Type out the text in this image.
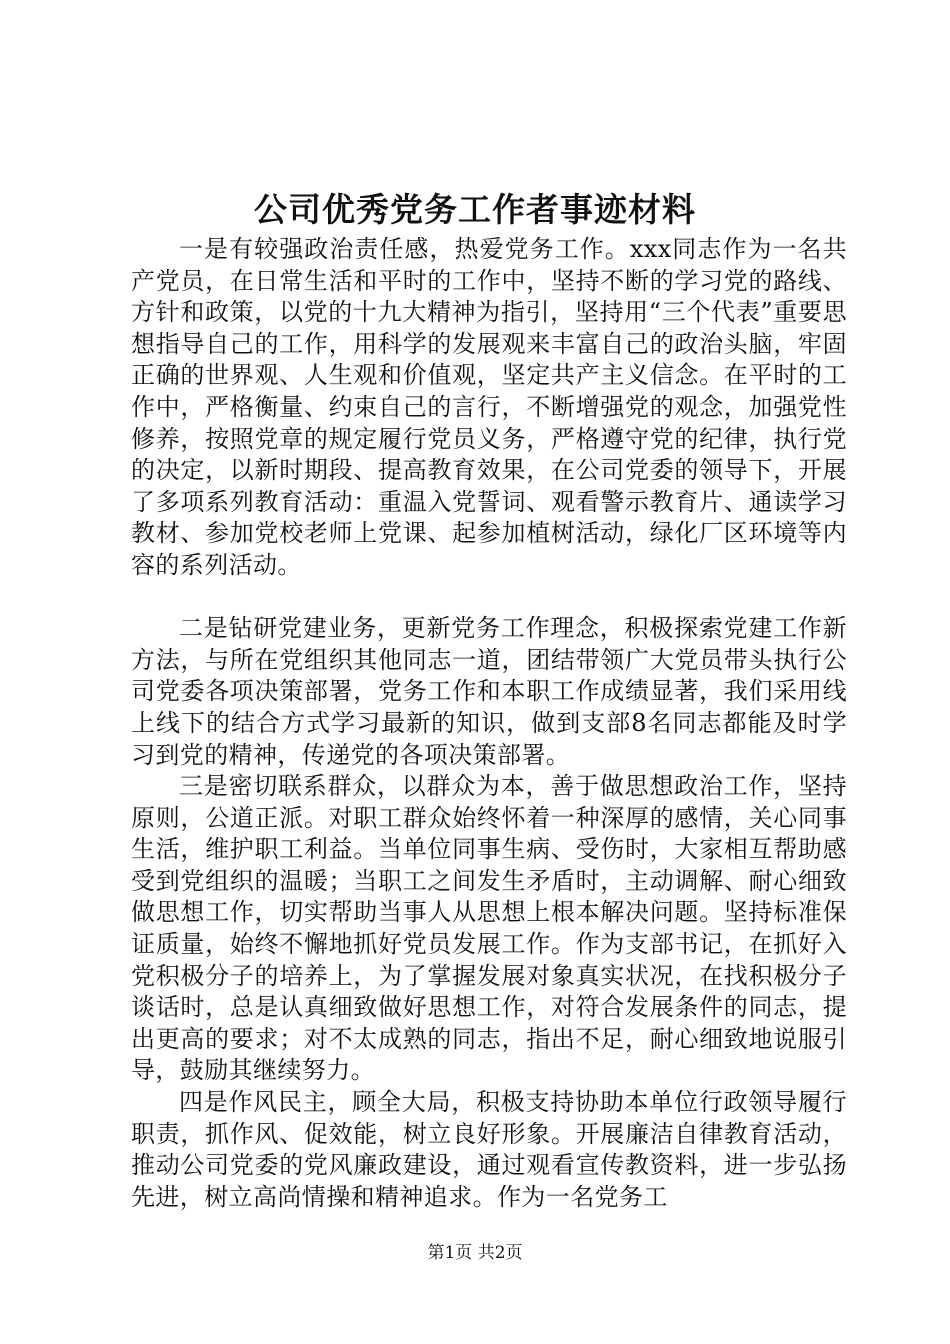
公司优秀党务工作者事迹材料

一是有较强政治责任感，热爱党务工作。xxx同志作为一名共产党员，在日常生活和平时的工作中，坚持不断的学习党的路线、方针和政策，以党的十九大精神为指引，坚持用“三个代表”重要思想指导自己的工作，用科学的发展观来丰富自己的政治头脑，牢固正确的世界观、人生观和价值观，坚定共产主义信念。在平时的工作中，严格衡量、约束自己的言行，不断增强党的观念，加强党性修养，按照党章的规定履行党员义务，严格遵守党的纪律，执行党的决定，以新时期段、提高教育效果，在公司党委的领导下，开展了多项系列教育活动：重温入党誓词、观看警示教育片、通读学习教材、参加党校老师上党课、起参加植树活动，绿化厂区环境等内容的系列活动。

二是钻研党建业务，更新党务工作理念，积极探索党建工作新方法，与所在党组织其他同志一道，团结带领广大党员带头执行公司党委各项决策部署，党务工作和本职工作成绩显著，我们采用线上线下的结合方式学习最新的知识，做到支部8名同志都能及时学习到党的精神，传递党的各项决策部署。

三是密切联系群众，以群众为本，善于做思想政治工作，坚持原则，公道正派。对职工群众始终怀着一种深厚的感情，关心同事生活，维护职工利益。当单位同事生病、受伤时，大家相互帮助感受到党组织的温暖；当职工之间发生矛盾时，主动调解、耐心细致做思想工作，切实帮助当事人从思想上根本解决问题。坚持标准保证质量，始终不懈地抓好党员发展工作。作为支部书记，在抓好入党积极分子的培养上，为了掌握发展对象真实状况，在找积极分子谈话时，总是认真细致做好思想工作，对符合发展条件的同志，提出更高的要求；对不太成熟的同志，指出不足，耐心细致地说服引导，鼓励其继续努力。

四是作风民主，顾全大局，积极支持协助本单位行政领导履行职责，抓作风、促效能，树立良好形象。开展廉洁自律教育活动，推动公司党委的党风廉政建设，通过观看宣传教资料，进一步弘扬先进，树立高尚情操和精神追求。作为一名党务工

第1页 共2页
